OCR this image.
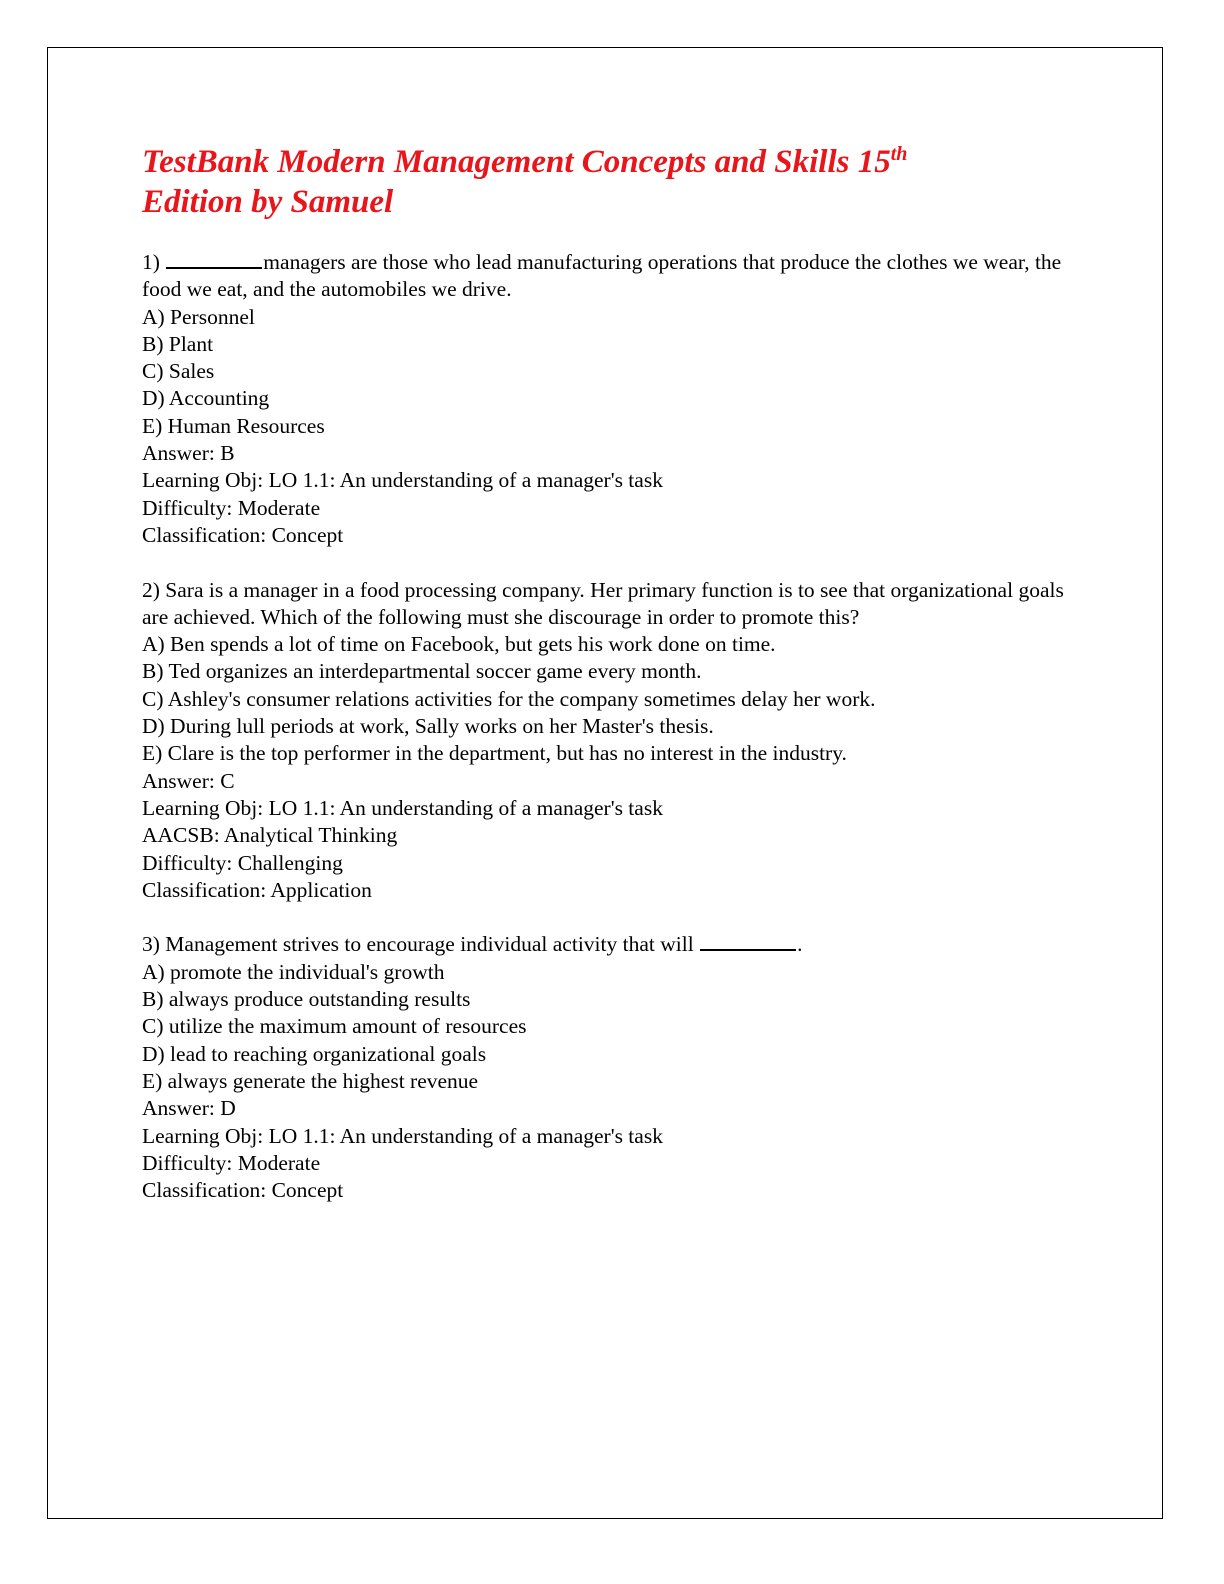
TestBank Modern Management Concepts and Skills 15th
Edition by Samuel
1)	managers are those who lead manufacturing operations that produce the clothes we wear, the food we eat, and the automobiles we drive.
A) Personnel
B) Plant
C) Sales
D) Accounting
E) Human Resources
Answer: B
Learning Obj: LO 1.1: An understanding of a manager's task
Difficulty: Moderate
Classification: Concept
2) Sara is a manager in a food processing company. Her primary function is to see that organizational goals are achieved. Which of the following must she discourage in order to promote this?
A) Ben spends a lot of time on Facebook, but gets his work done on time.
B) Ted organizes an interdepartmental soccer game every month.
C) Ashley's consumer relations activities for the company sometimes delay her work.
D) During lull periods at work, Sally works on her Master's thesis.
E) Clare is the top performer in the department, but has no interest in the industry.
Answer: C
Learning Obj: LO 1.1: An understanding of a manager's task
AACSB: Analytical Thinking
Difficulty: Challenging
Classification: Application
3) Management strives to encourage individual activity that will	.
A) promote the individual's growth
B) always produce outstanding results
C) utilize the maximum amount of resources
D) lead to reaching organizational goals
E) always generate the highest revenue
Answer: D
Learning Obj: LO 1.1: An understanding of a manager's task
Difficulty: Moderate
Classification: Concept
